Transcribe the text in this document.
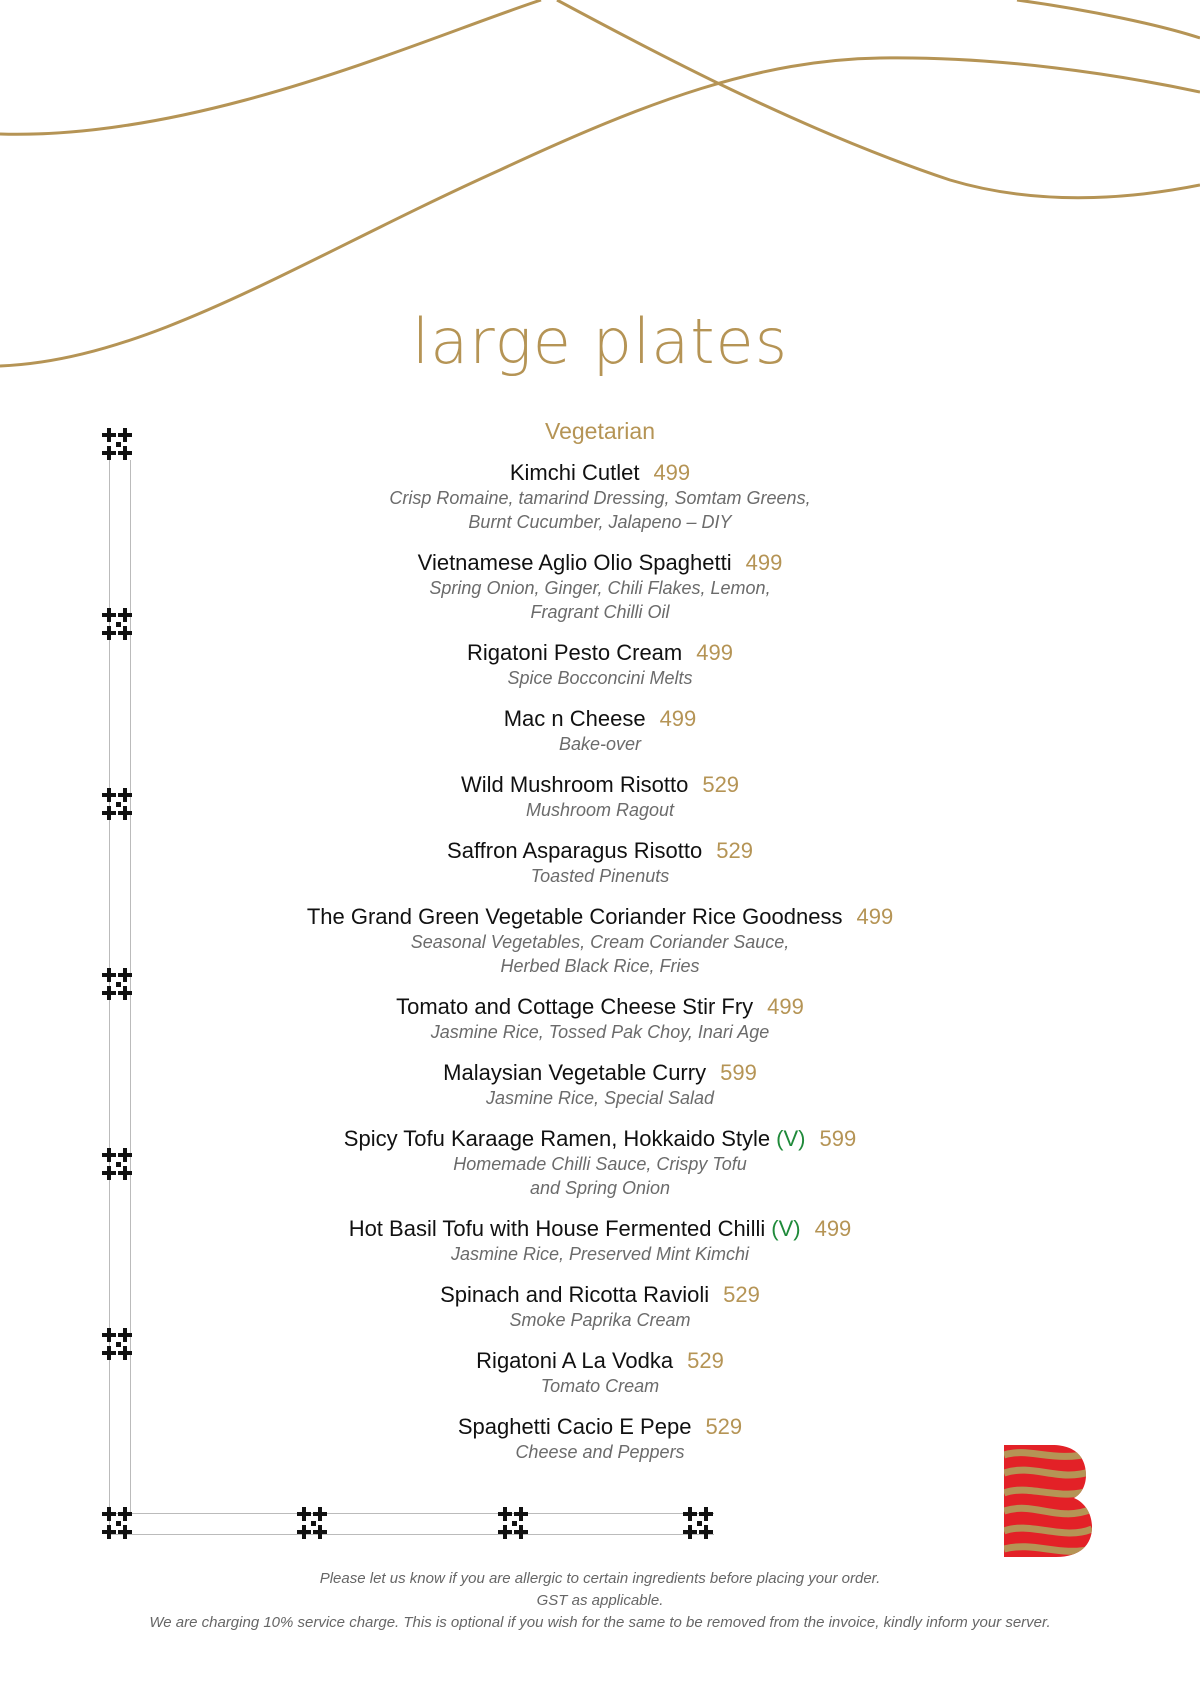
large plates
Vegetarian
Kimchi Cutlet 499
Crisp Romaine, tamarind Dressing, Somtam Greens,
Burnt Cucumber, Jalapeno – DIY
Vietnamese Aglio Olio Spaghetti 499
Spring Onion, Ginger, Chili Flakes, Lemon,
Fragrant Chilli Oil
Rigatoni Pesto Cream 499
Spice Bocconcini Melts
Mac n Cheese 499
Bake-over
Wild Mushroom Risotto 529
Mushroom Ragout
Saffron Asparagus Risotto 529
Toasted Pinenuts
The Grand Green Vegetable Coriander Rice Goodness 499
Seasonal Vegetables, Cream Coriander Sauce,
Herbed Black Rice, Fries
Tomato and Cottage Cheese Stir Fry 499
Jasmine Rice, Tossed Pak Choy, Inari Age
Malaysian Vegetable Curry 599
Jasmine Rice, Special Salad
Spicy Tofu Karaage Ramen, Hokkaido Style (V) 599
Homemade Chilli Sauce, Crispy Tofu
and Spring Onion
Hot Basil Tofu with House Fermented Chilli (V) 499
Jasmine Rice, Preserved Mint Kimchi
Spinach and Ricotta Ravioli 529
Smoke Paprika Cream
Rigatoni A La Vodka 529
Tomato Cream
Spaghetti Cacio E Pepe 529
Cheese and Peppers
Please let us know if you are allergic to certain ingredients before placing your order.
GST as applicable.
We are charging 10% service charge. This is optional if you wish for the same to be removed from the invoice, kindly inform your server.
